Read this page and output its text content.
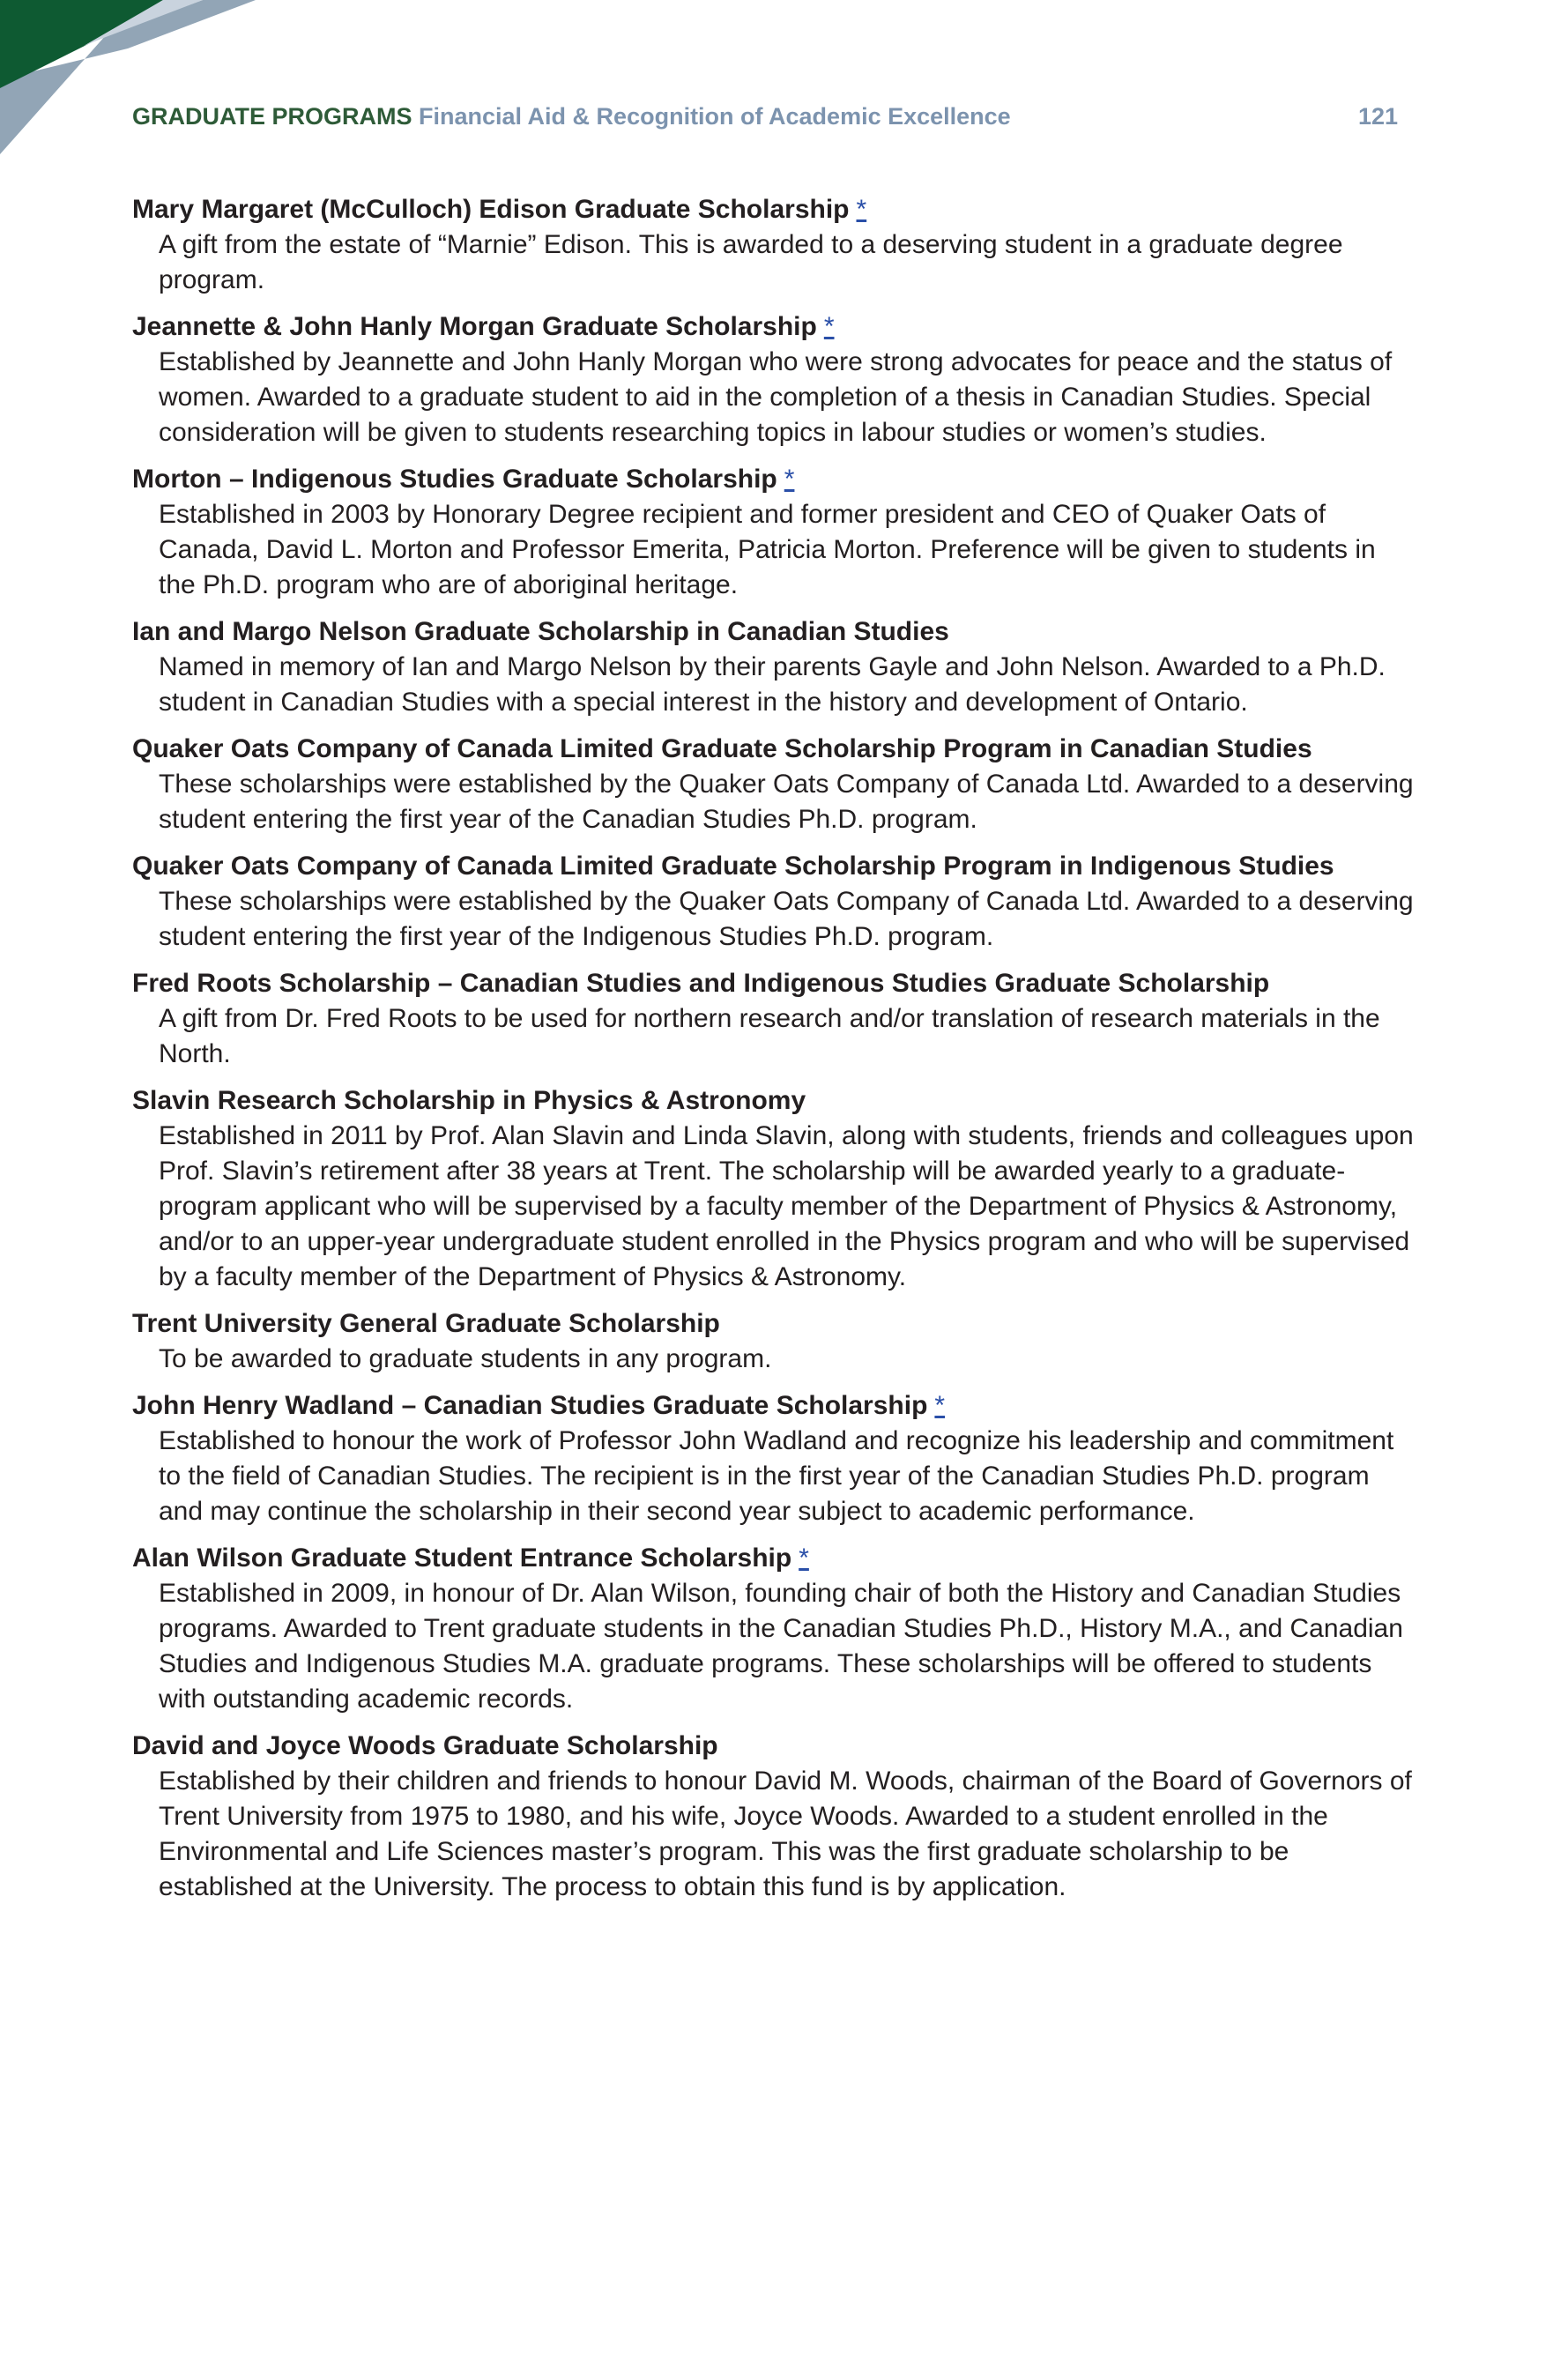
GRADUATE PROGRAMS Financial Aid & Recognition of Academic Excellence	121
Mary Margaret (McCulloch) Edison Graduate Scholarship *
A gift from the estate of “Marnie” Edison. This is awarded to a deserving student in a graduate degree program.
Jeannette & John Hanly Morgan Graduate Scholarship *
Established by Jeannette and John Hanly Morgan who were strong advocates for peace and the status of women. Awarded to a graduate student to aid in the completion of a thesis in Canadian Studies. Special consideration will be given to students researching topics in labour studies or women’s studies.
Morton – Indigenous Studies Graduate Scholarship *
Established in 2003 by Honorary Degree recipient and former president and CEO of Quaker Oats of Canada, David L. Morton and Professor Emerita, Patricia Morton. Preference will be given to students in the Ph.D. program who are of aboriginal heritage.
Ian and Margo Nelson Graduate Scholarship in Canadian Studies
Named in memory of Ian and Margo Nelson by their parents Gayle and John Nelson. Awarded to a Ph.D. student in Canadian Studies with a special interest in the history and development of Ontario.
Quaker Oats Company of Canada Limited Graduate Scholarship Program in Canadian Studies
These scholarships were established by the Quaker Oats Company of Canada Ltd. Awarded to a deserving student entering the first year of the Canadian Studies Ph.D. program.
Quaker Oats Company of Canada Limited Graduate Scholarship Program in Indigenous Studies
These scholarships were established by the Quaker Oats Company of Canada Ltd. Awarded to a deserving student entering the first year of the Indigenous Studies Ph.D. program.
Fred Roots Scholarship – Canadian Studies and Indigenous Studies Graduate Scholarship
A gift from Dr. Fred Roots to be used for northern research and/or translation of research materials in the North.
Slavin Research Scholarship in Physics & Astronomy
Established in 2011 by Prof. Alan Slavin and Linda Slavin, along with students, friends and colleagues upon Prof. Slavin’s retirement after 38 years at Trent. The scholarship will be awarded yearly to a graduate- program applicant who will be supervised by a faculty member of the Department of Physics & Astronomy, and/or to an upper-year undergraduate student enrolled in the Physics program and who will be supervised by a faculty member of the Department of Physics & Astronomy.
Trent University General Graduate Scholarship
To be awarded to graduate students in any program.
John Henry Wadland – Canadian Studies Graduate Scholarship *
Established to honour the work of Professor John Wadland and recognize his leadership and commitment to the field of Canadian Studies. The recipient is in the first year of the Canadian Studies Ph.D. program and may continue the scholarship in their second year subject to academic performance.
Alan Wilson Graduate Student Entrance Scholarship *
Established in 2009, in honour of Dr. Alan Wilson, founding chair of both the History and Canadian Studies programs. Awarded to Trent graduate students in the Canadian Studies Ph.D., History M.A., and Canadian Studies and Indigenous Studies M.A. graduate programs. These scholarships will be offered to students with outstanding academic records.
David and Joyce Woods Graduate Scholarship
Established by their children and friends to honour David M. Woods, chairman of the Board of Governors of Trent University from 1975 to 1980, and his wife, Joyce Woods. Awarded to a student enrolled in the Environmental and Life Sciences master’s program. This was the first graduate scholarship to be established at the University. The process to obtain this fund is by application.
